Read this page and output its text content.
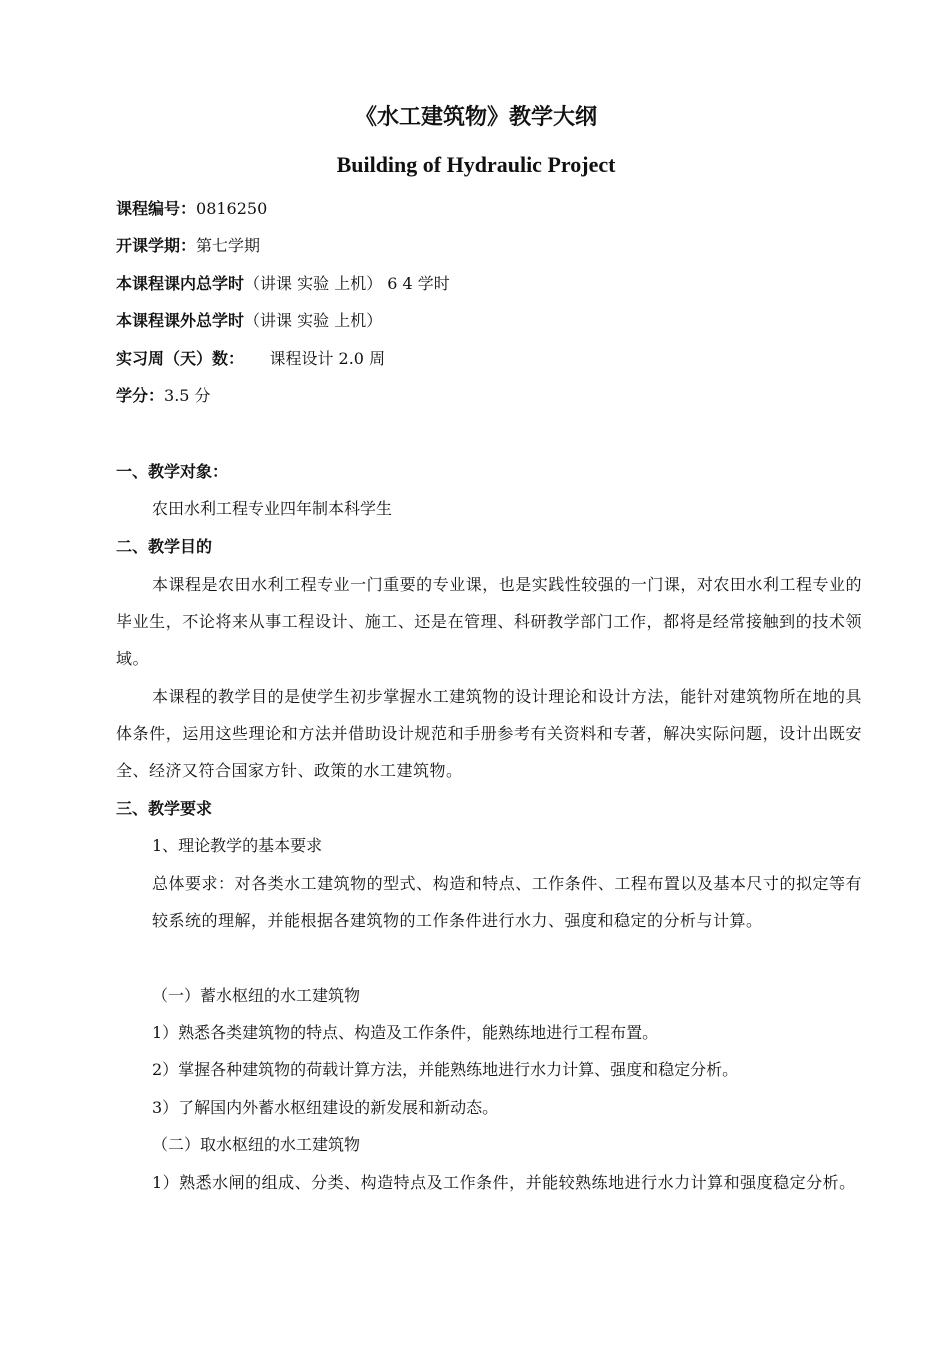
《水工建筑物》教学大纲
Building of Hydraulic Project
课程编号：0816250
开课学期：第七学期
本课程课内总学时（讲课 实验 上机） 6 4 学时
本课程课外总学时（讲课 实验 上机）
实习周（天）数：     课程设计 2.0 周
学分：3.5 分
一、教学对象：
农田水利工程专业四年制本科学生
二、教学目的
本课程是农田水利工程专业一门重要的专业课，也是实践性较强的一门课，对农田水利工程专业的毕业生，不论将来从事工程设计、施工、还是在管理、科研教学部门工作，都将是经常接触到的技术领域。
本课程的教学目的是使学生初步掌握水工建筑物的设计理论和设计方法，能针对建筑物所在地的具体条件，运用这些理论和方法并借助设计规范和手册参考有关资料和专著，解决实际问题，设计出既安全、经济又符合国家方针、政策的水工建筑物。
三、教学要求
1、理论教学的基本要求
总体要求：对各类水工建筑物的型式、构造和特点、工作条件、工程布置以及基本尺寸的拟定等有较系统的理解，并能根据各建筑物的工作条件进行水力、强度和稳定的分析与计算。
（一）蓄水枢纽的水工建筑物
1）熟悉各类建筑物的特点、构造及工作条件，能熟练地进行工程布置。
2）掌握各种建筑物的荷载计算方法，并能熟练地进行水力计算、强度和稳定分析。
3）了解国内外蓄水枢纽建设的新发展和新动态。
（二）取水枢纽的水工建筑物
1）熟悉水闸的组成、分类、构造特点及工作条件，并能较熟练地进行水力计算和强度稳定分析。
